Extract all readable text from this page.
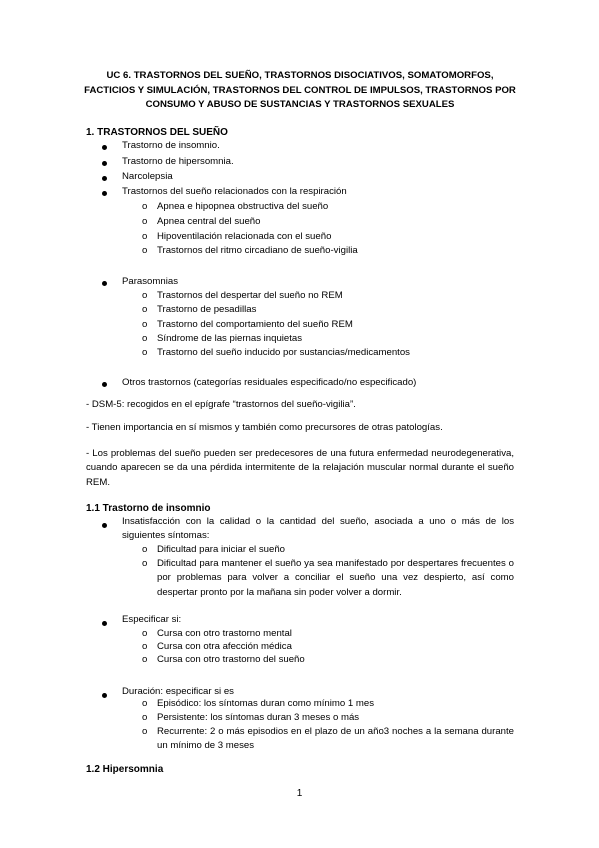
UC 6. TRASTORNOS DEL SUEÑO, TRASTORNOS DISOCIATIVOS, SOMATOMORFOS, FACTICIOS Y SIMULACIÓN, TRASTORNOS DEL CONTROL DE IMPULSOS, TRASTORNOS POR CONSUMO Y ABUSO DE SUSTANCIAS Y TRASTORNOS SEXUALES
1. TRASTORNOS DEL SUEÑO
Trastorno de insomnio.
Trastorno de hipersomnia.
Narcolepsia
Trastornos del sueño relacionados con la respiración
o Apnea e hipopnea obstructiva del sueño
o Apnea central del sueño
o Hipoventilación relacionada con el sueño
o Trastornos del ritmo circadiano de sueño-vigilia
Parasomnias
o Trastornos del despertar del sueño no REM
o Trastorno de pesadillas
o Trastorno del comportamiento del sueño REM
o Síndrome de las piernas inquietas
o Trastorno del sueño inducido por sustancias/medicamentos
Otros trastornos (categorías residuales especificado/no especificado)
- DSM-5: recogidos en el epígrafe “trastornos del sueño-vigilia”.
- Tienen importancia en sí mismos y también como precursores de otras patologías.
- Los problemas del sueño pueden ser predecesores de una futura enfermedad neurodegenerativa, cuando aparecen se da una pérdida intermitente de la relajación muscular normal durante el sueño REM.
1.1 Trastorno de insomnio
Insatisfacción con la calidad o la cantidad del sueño, asociada a uno o más de los siguientes síntomas:
o Dificultad para iniciar el sueño
o Dificultad para mantener el sueño ya sea manifestado por despertares frecuentes o por problemas para volver a conciliar el sueño una vez despierto, así como despertar pronto por la mañana sin poder volver a dormir.
Especificar si:
o Cursa con otro trastorno mental
o Cursa con otra afección médica
o Cursa con otro trastorno del sueño
Duración: especificar si es
o Episódico: los síntomas duran como mínimo 1 mes
o Persistente: los síntomas duran 3 meses o más
o Recurrente: 2 o más episodios en el plazo de un año3 noches a la semana durante un mínimo de 3 meses
1.2 Hipersomnia
1
